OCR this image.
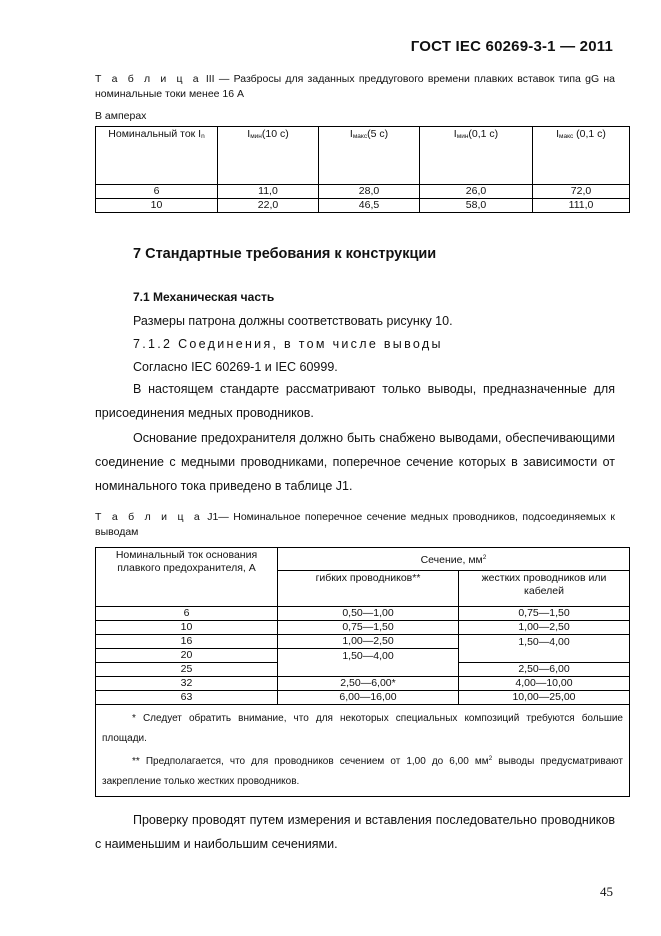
ГОСТ IEC 60269-3-1 — 2011
Т а б л и ц а III — Разбросы для заданных преддугового времени плавких вставок типа gG на номинальные токи менее 16 А
В амперах
Номинальный ток $I_n$	$I_{мин}(10$ с)	$I_{макс}(5$ с)	$I_{мин}(0,1$ с)	$I_{макс}$ (0,1 с)
6	11,0	28,0	26,0	72,0
10	22,0	46,5	58,0	111,0
7 Стандартные требования к конструкции
7.1 Механическая часть
Размеры патрона должны соответствовать рисунку 10.
7.1.2 Соединения, в том числе выводы
Согласно IEC 60269-1 и IEC 60999.
В настоящем стандарте рассматривают только выводы, предназначенные для присоединения медных проводников.
Основание предохранителя должно быть снабжено выводами, обеспечивающими соединение с медными проводниками, поперечное сечение которых в зависимости от номинального тока приведено в таблице J1.
Т а б л и ц а J1— Номинальное поперечное сечение медных проводников, подсоединяемых к выводам
Номинальный ток основания плавкого предохранителя, А	Сечение, $мм^2$
	гибких проводников**	жестких проводников или кабелей
6	0,50—1,00	0,75—1,50
10	0,75—1,50	1,00—2,50
16	1,00—2,50	1,50—4,00
20	1,50—4,00	
25		2,50—6,00
32	2,50—6,00*	4,00—10,00
63	6,00—16,00	10,00—25,00

* Следует обратить внимание, что для некоторых специальных композиций требуются большие площади.
** Предполагается, что для проводников сечением от 1,00 до 6,00 $мм^2$ выводы предусматривают закрепление только жестких проводников.		
Проверку проводят путем измерения и вставления последовательно проводников с наименьшим и наибольшим сечениями.
45
